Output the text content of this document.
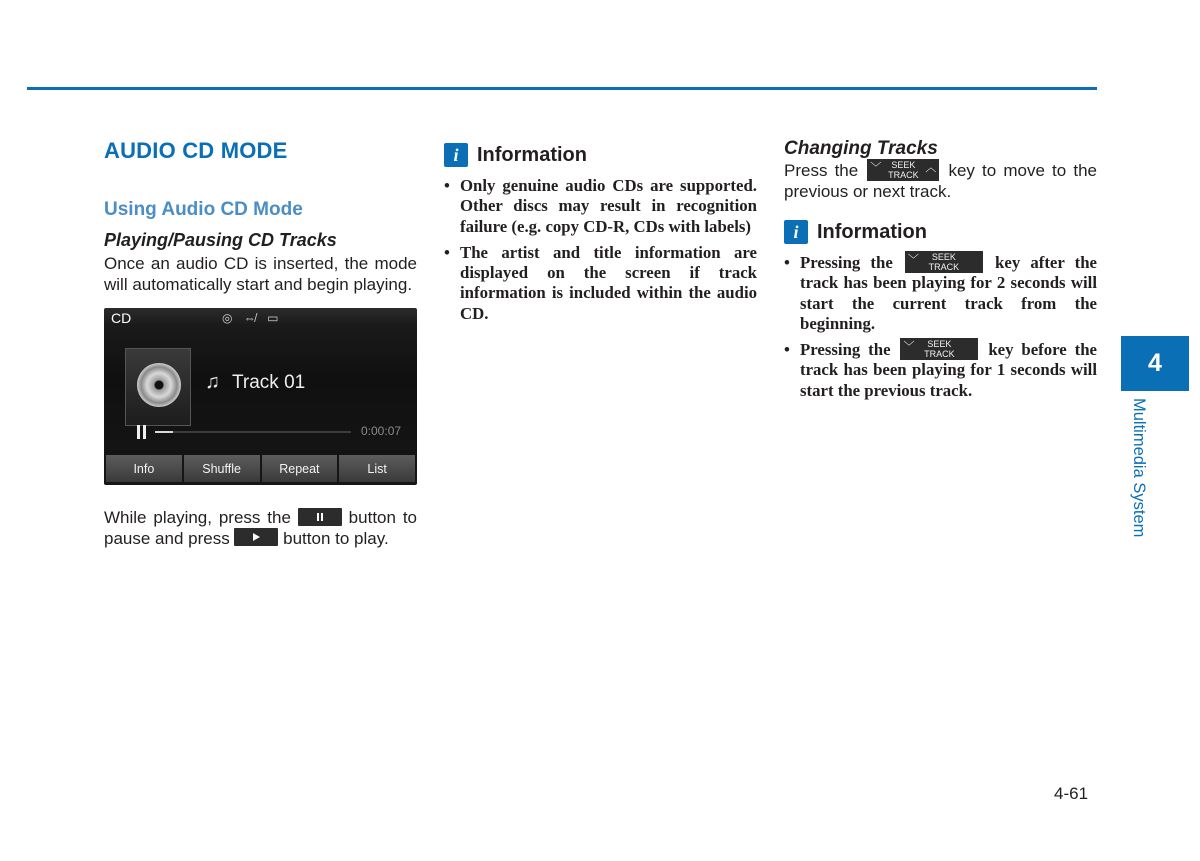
AUDIO CD MODE
Using Audio CD Mode
Playing/Pausing CD Tracks

Once an audio CD is inserted, the mode will automatically start and begin playing.

CD	◎ ⇎ ▭
♫ Track 01
0:00:07
Info	Shuffle	Repeat	List

While playing, press the	button to pause and press	button to play.

i Information
• Only genuine audio CDs are supported. Other discs may result in recognition failure (e.g. copy CD-R, CDs with labels)
• The artist and title information are displayed on the screen if track information is included within the audio CD.
Changing Tracks

Press the ﹀	SEEK
TRACK
︿ key to move to the previous or next track.

i Information
• Pressing the ﹀	SEEK
TRACK key after the track has been playing for 2 seconds will start the current track from the beginning.
• Pressing the ﹀	SEEK
TRACK key before the track has been playing for 1 seconds will start the previous track.
4
Multimedia System
4-61
